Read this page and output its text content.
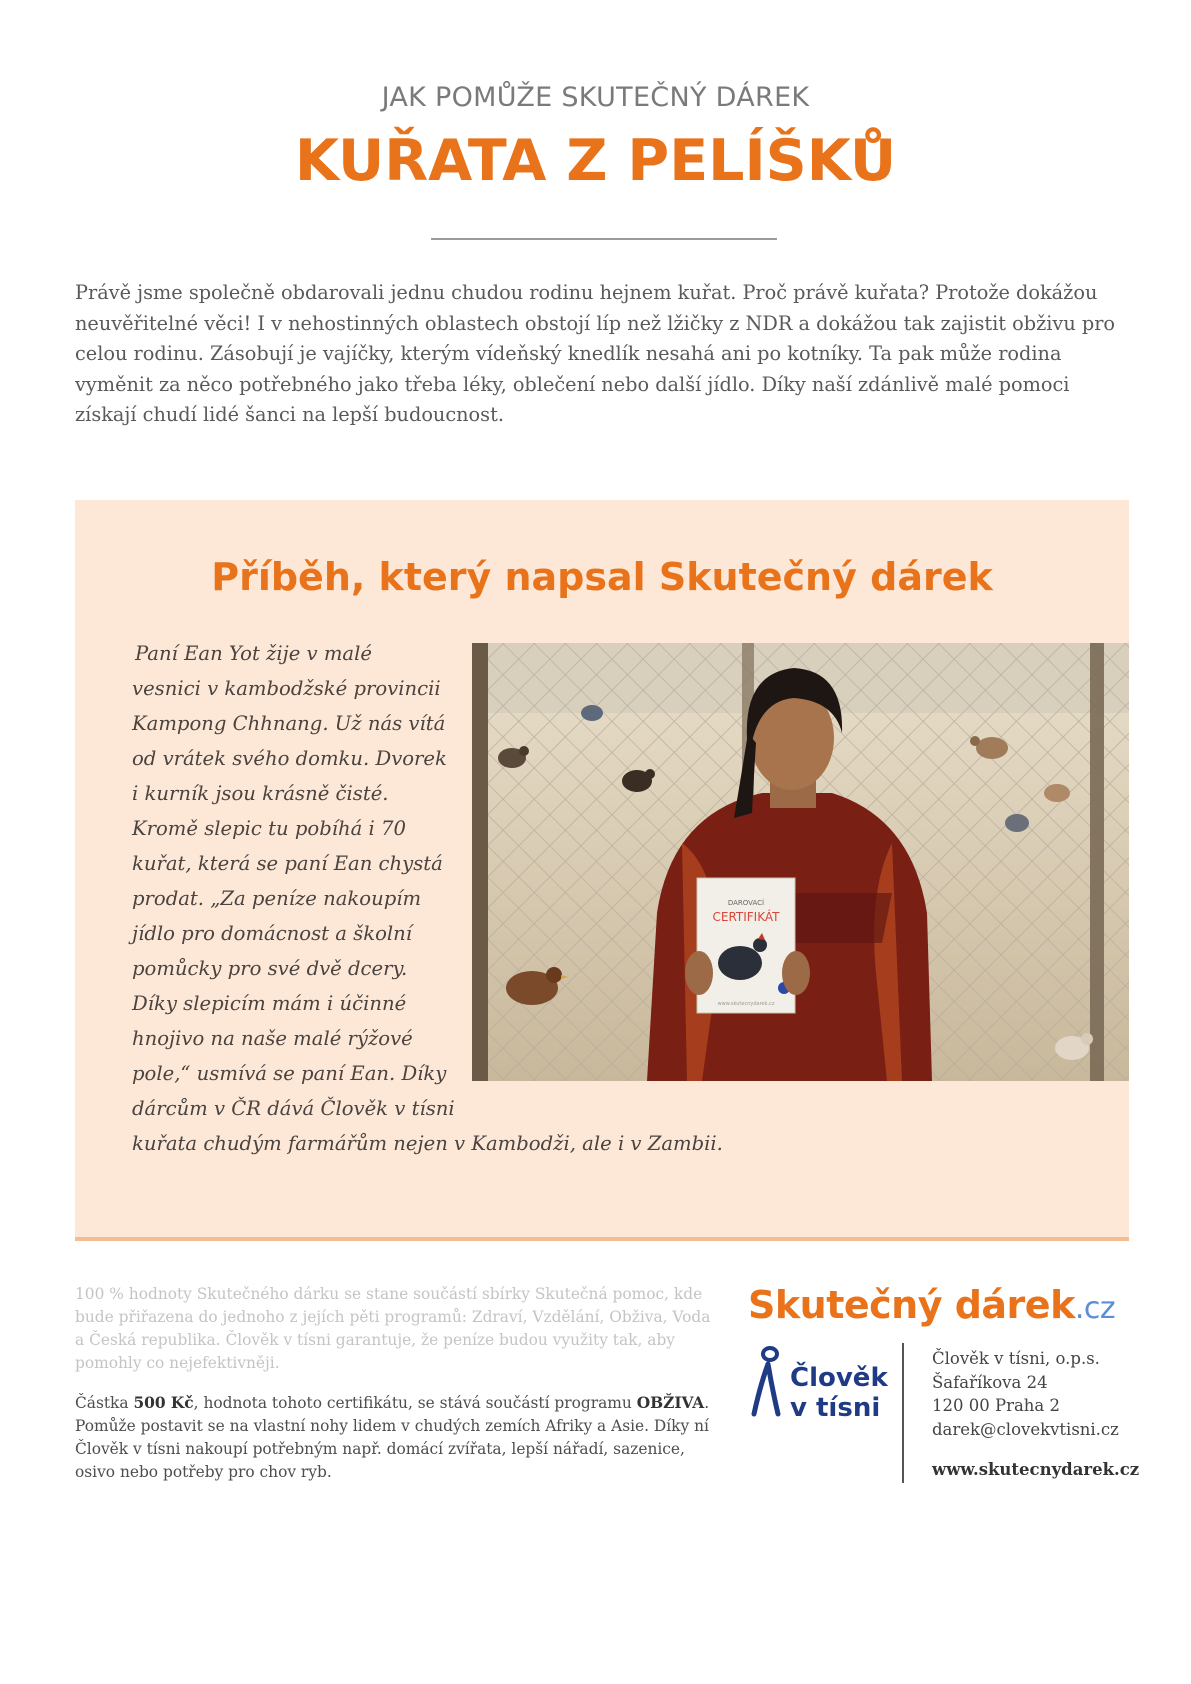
JAK POMŮŽE SKUTEČNÝ DÁREK
KUŘATA Z PELÍŠKŮ

Právě jsme společně obdarovali jednu chudou rodinu hejnem kuřat. Proč právě kuřata? Protože dokážou neuvěřitelné věci! I v nehostinných oblastech obstojí líp než lžičky z NDR a dokážou tak zajistit obživu pro celou rodinu. Zásobují je vajíčky, kterým vídeňský knedlík nesahá ani po kotníky. Ta pak může rodina vyměnit za něco potřebného jako třeba léky, oblečení nebo další jídlo. Díky naší zdánlivě malé pomoci získají chudí lidé šanci na lepší budoucnost.

Příběh, který napsal Skutečný dárek
Paní Ean Yot žije v malé
vesnici v kambodžské provincii
Kampong Chhnang. Už nás vítá
od vrátek svého domku. Dvorek
i kurník jsou krásně čisté.
Kromě slepic tu pobíhá i 70
kuřat, která se paní Ean chystá
prodat. „Za peníze nakoupím
jídlo pro domácnost a školní
pomůcky pro své dvě dcery.
Díky slepicím mám i účinné
hnojivo na naše malé rýžové
pole,“ usmívá se paní Ean. Díky
dárcům v ČR dává Člověk v tísni
kuřata chudým farmářům nejen v Kambodži, ale i v Zambii.
DAROVACÍ
CERTIFIKÁT
www.skutecnydarek.cz

100 % hodnoty Skutečného dárku se stane součástí sbírky Skutečná pomoc, kde bude přiřazena do jednoho z jejích pěti programů: Zdraví, Vzdělání, Obživa, Voda a Česká republika. Člověk v tísni garantuje, že peníze budou využity tak, aby pomohly co nejefektivněji.

Částka 500 Kč, hodnota tohoto certifikátu, se stává součástí programu OBŽIVA. Pomůže postavit se na vlastní nohy lidem v chudých zemích Afriky a Asie. Díky ní Člověk v tísni nakoupí potřebným např. domácí zvířata, lepší nářadí, sazenice, osivo nebo potřeby pro chov ryb.

Skutečný dárek.cz
Člověk
v tísni
Člověk v tísni, o.p.s.
Šafaříkova 24
120 00 Praha 2
darek@clovekvtisni.cz
www.skutecnydarek.cz
